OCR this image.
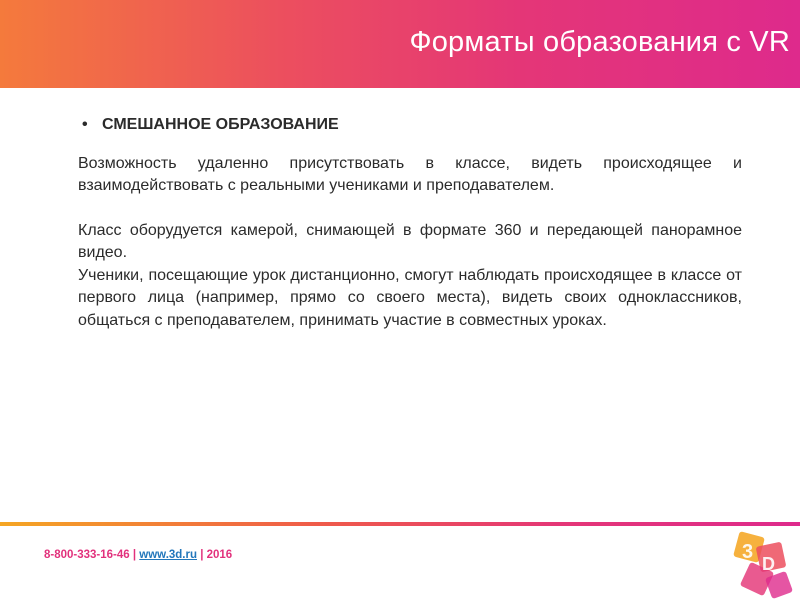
Форматы образования с VR
• СМЕШАННОЕ ОБРАЗОВАНИЕ

Возможность удаленно присутствовать в классе, видеть происходящее и взаимодействовать с реальными учениками и преподавателем.

Класс оборудуется камерой, снимающей в формате 360 и передающей панорамное видео.

Ученики, посещающие урок дистанционно, смогут наблюдать происходящее в классе от первого лица (например, прямо со своего места), видеть своих одноклассников, общаться с преподавателем, принимать участие в совместных уроках.

8-800-333-16-46 | www.3d.ru | 2016	3
D
